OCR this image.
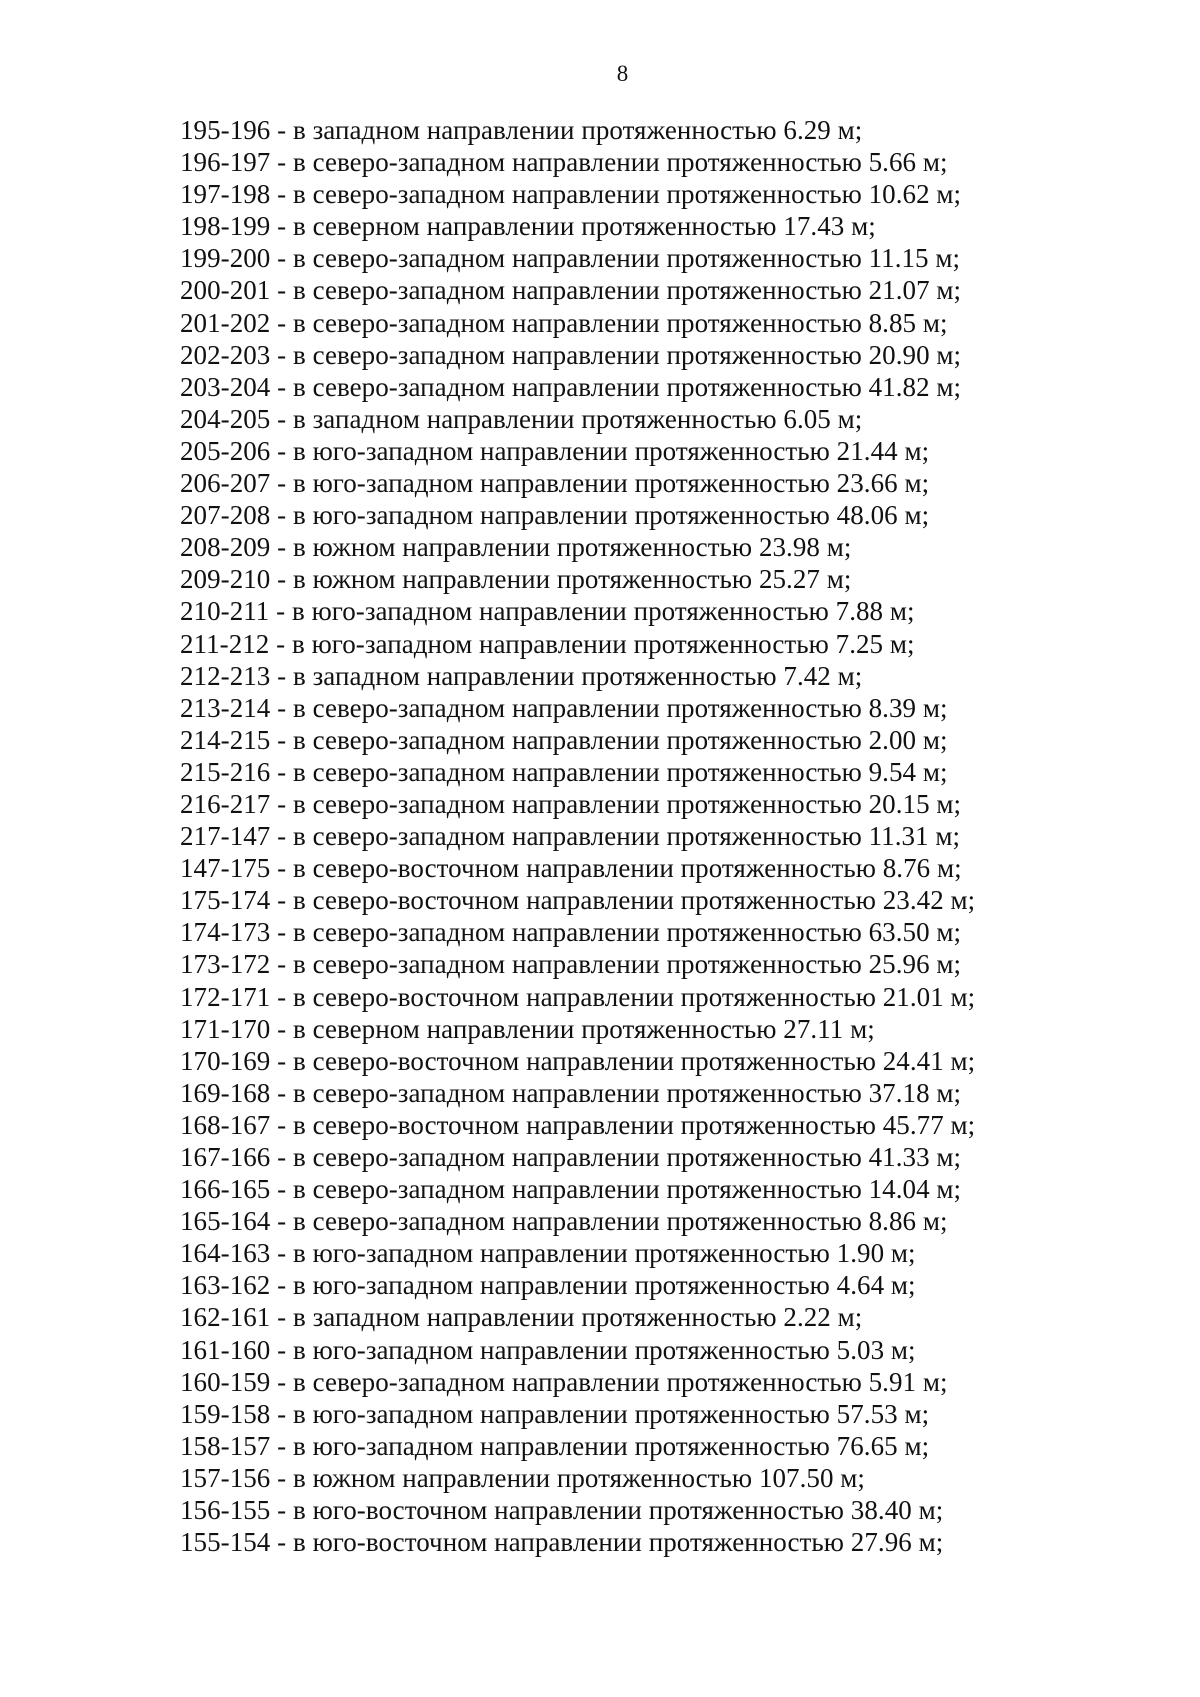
8
195-196 - в западном направлении протяженностью 6.29 м;
196-197 - в северо-западном направлении протяженностью 5.66 м;
197-198 - в северо-западном направлении протяженностью 10.62 м;
198-199 - в северном направлении протяженностью 17.43 м;
199-200 - в северо-западном направлении протяженностью 11.15 м;
200-201 - в северо-западном направлении протяженностью 21.07 м;
201-202 - в северо-западном направлении протяженностью 8.85 м;
202-203 - в северо-западном направлении протяженностью 20.90 м;
203-204 - в северо-западном направлении протяженностью 41.82 м;
204-205 - в западном направлении протяженностью 6.05 м;
205-206 - в юго-западном направлении протяженностью 21.44 м;
206-207 - в юго-западном направлении протяженностью 23.66 м;
207-208 - в юго-западном направлении протяженностью 48.06 м;
208-209 - в южном направлении протяженностью 23.98 м;
209-210 - в южном направлении протяженностью 25.27 м;
210-211 - в юго-западном направлении протяженностью 7.88 м;
211-212 - в юго-западном направлении протяженностью 7.25 м;
212-213 - в западном направлении протяженностью 7.42 м;
213-214 - в северо-западном направлении протяженностью 8.39 м;
214-215 - в северо-западном направлении протяженностью 2.00 м;
215-216 - в северо-западном направлении протяженностью 9.54 м;
216-217 - в северо-западном направлении протяженностью 20.15 м;
217-147 - в северо-западном направлении протяженностью 11.31 м;
147-175 - в северо-восточном направлении протяженностью 8.76 м;
175-174 - в северо-восточном направлении протяженностью 23.42 м;
174-173 - в северо-западном направлении протяженностью 63.50 м;
173-172 - в северо-западном направлении протяженностью 25.96 м;
172-171 - в северо-восточном направлении протяженностью 21.01 м;
171-170 - в северном направлении протяженностью 27.11 м;
170-169 - в северо-восточном направлении протяженностью 24.41 м;
169-168 - в северо-западном направлении протяженностью 37.18 м;
168-167 - в северо-восточном направлении протяженностью 45.77 м;
167-166 - в северо-западном направлении протяженностью 41.33 м;
166-165 - в северо-западном направлении протяженностью 14.04 м;
165-164 - в северо-западном направлении протяженностью 8.86 м;
164-163 - в юго-западном направлении протяженностью 1.90 м;
163-162 - в юго-западном направлении протяженностью 4.64 м;
162-161 - в западном направлении протяженностью 2.22 м;
161-160 - в юго-западном направлении протяженностью 5.03 м;
160-159 - в северо-западном направлении протяженностью 5.91 м;
159-158 - в юго-западном направлении протяженностью 57.53 м;
158-157 - в юго-западном направлении протяженностью 76.65 м;
157-156 - в южном направлении протяженностью 107.50 м;
156-155 - в юго-восточном направлении протяженностью 38.40 м;
155-154 - в юго-восточном направлении протяженностью 27.96 м;
